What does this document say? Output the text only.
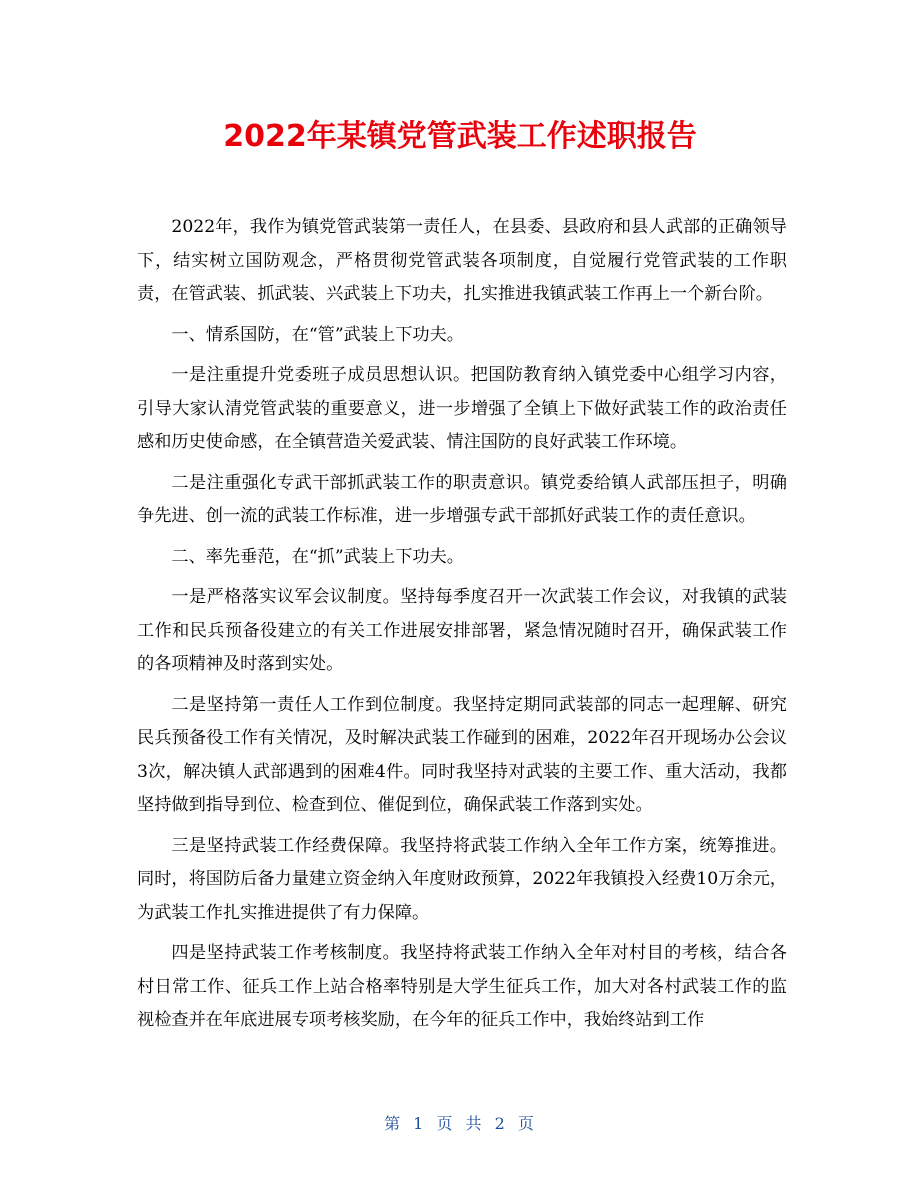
2022年某镇党管武装工作述职报告

2022年，我作为镇党管武装第一责任人，在县委、县政府和县人武部的正确领导下，结实树立国防观念，严格贯彻党管武装各项制度，自觉履行党管武装的工作职责，在管武装、抓武装、兴武装上下功夫，扎实推进我镇武装工作再上一个新台阶。

一、情系国防，在“管”武装上下功夫。

一是注重提升党委班子成员思想认识。把国防教育纳入镇党委中心组学习内容，引导大家认清党管武装的重要意义，进一步增强了全镇上下做好武装工作的政治责任感和历史使命感，在全镇营造关爱武装、情注国防的良好武装工作环境。

二是注重强化专武干部抓武装工作的职责意识。镇党委给镇人武部压担子，明确争先进、创一流的武装工作标准，进一步增强专武干部抓好武装工作的责任意识。

二、率先垂范，在“抓”武装上下功夫。

一是严格落实议军会议制度。坚持每季度召开一次武装工作会议，对我镇的武装工作和民兵预备役建立的有关工作进展安排部署，紧急情况随时召开，确保武装工作的各项精神及时落到实处。

二是坚持第一责任人工作到位制度。我坚持定期同武装部的同志一起理解、研究民兵预备役工作有关情况，及时解决武装工作碰到的困难，2022年召开现场办公会议3次，解决镇人武部遇到的困难4件。同时我坚持对武装的主要工作、重大活动，我都坚持做到指导到位、检查到位、催促到位，确保武装工作落到实处。

三是坚持武装工作经费保障。我坚持将武装工作纳入全年工作方案，统筹推进。同时，将国防后备力量建立资金纳入年度财政预算，2022年我镇投入经费10万余元，为武装工作扎实推进提供了有力保障。

四是坚持武装工作考核制度。我坚持将武装工作纳入全年对村目的考核，结合各村日常工作、征兵工作上站合格率特别是大学生征兵工作，加大对各村武装工作的监视检查并在年底进展专项考核奖励，在今年的征兵工作中，我始终站到工作

第 1 页 共 2 页
